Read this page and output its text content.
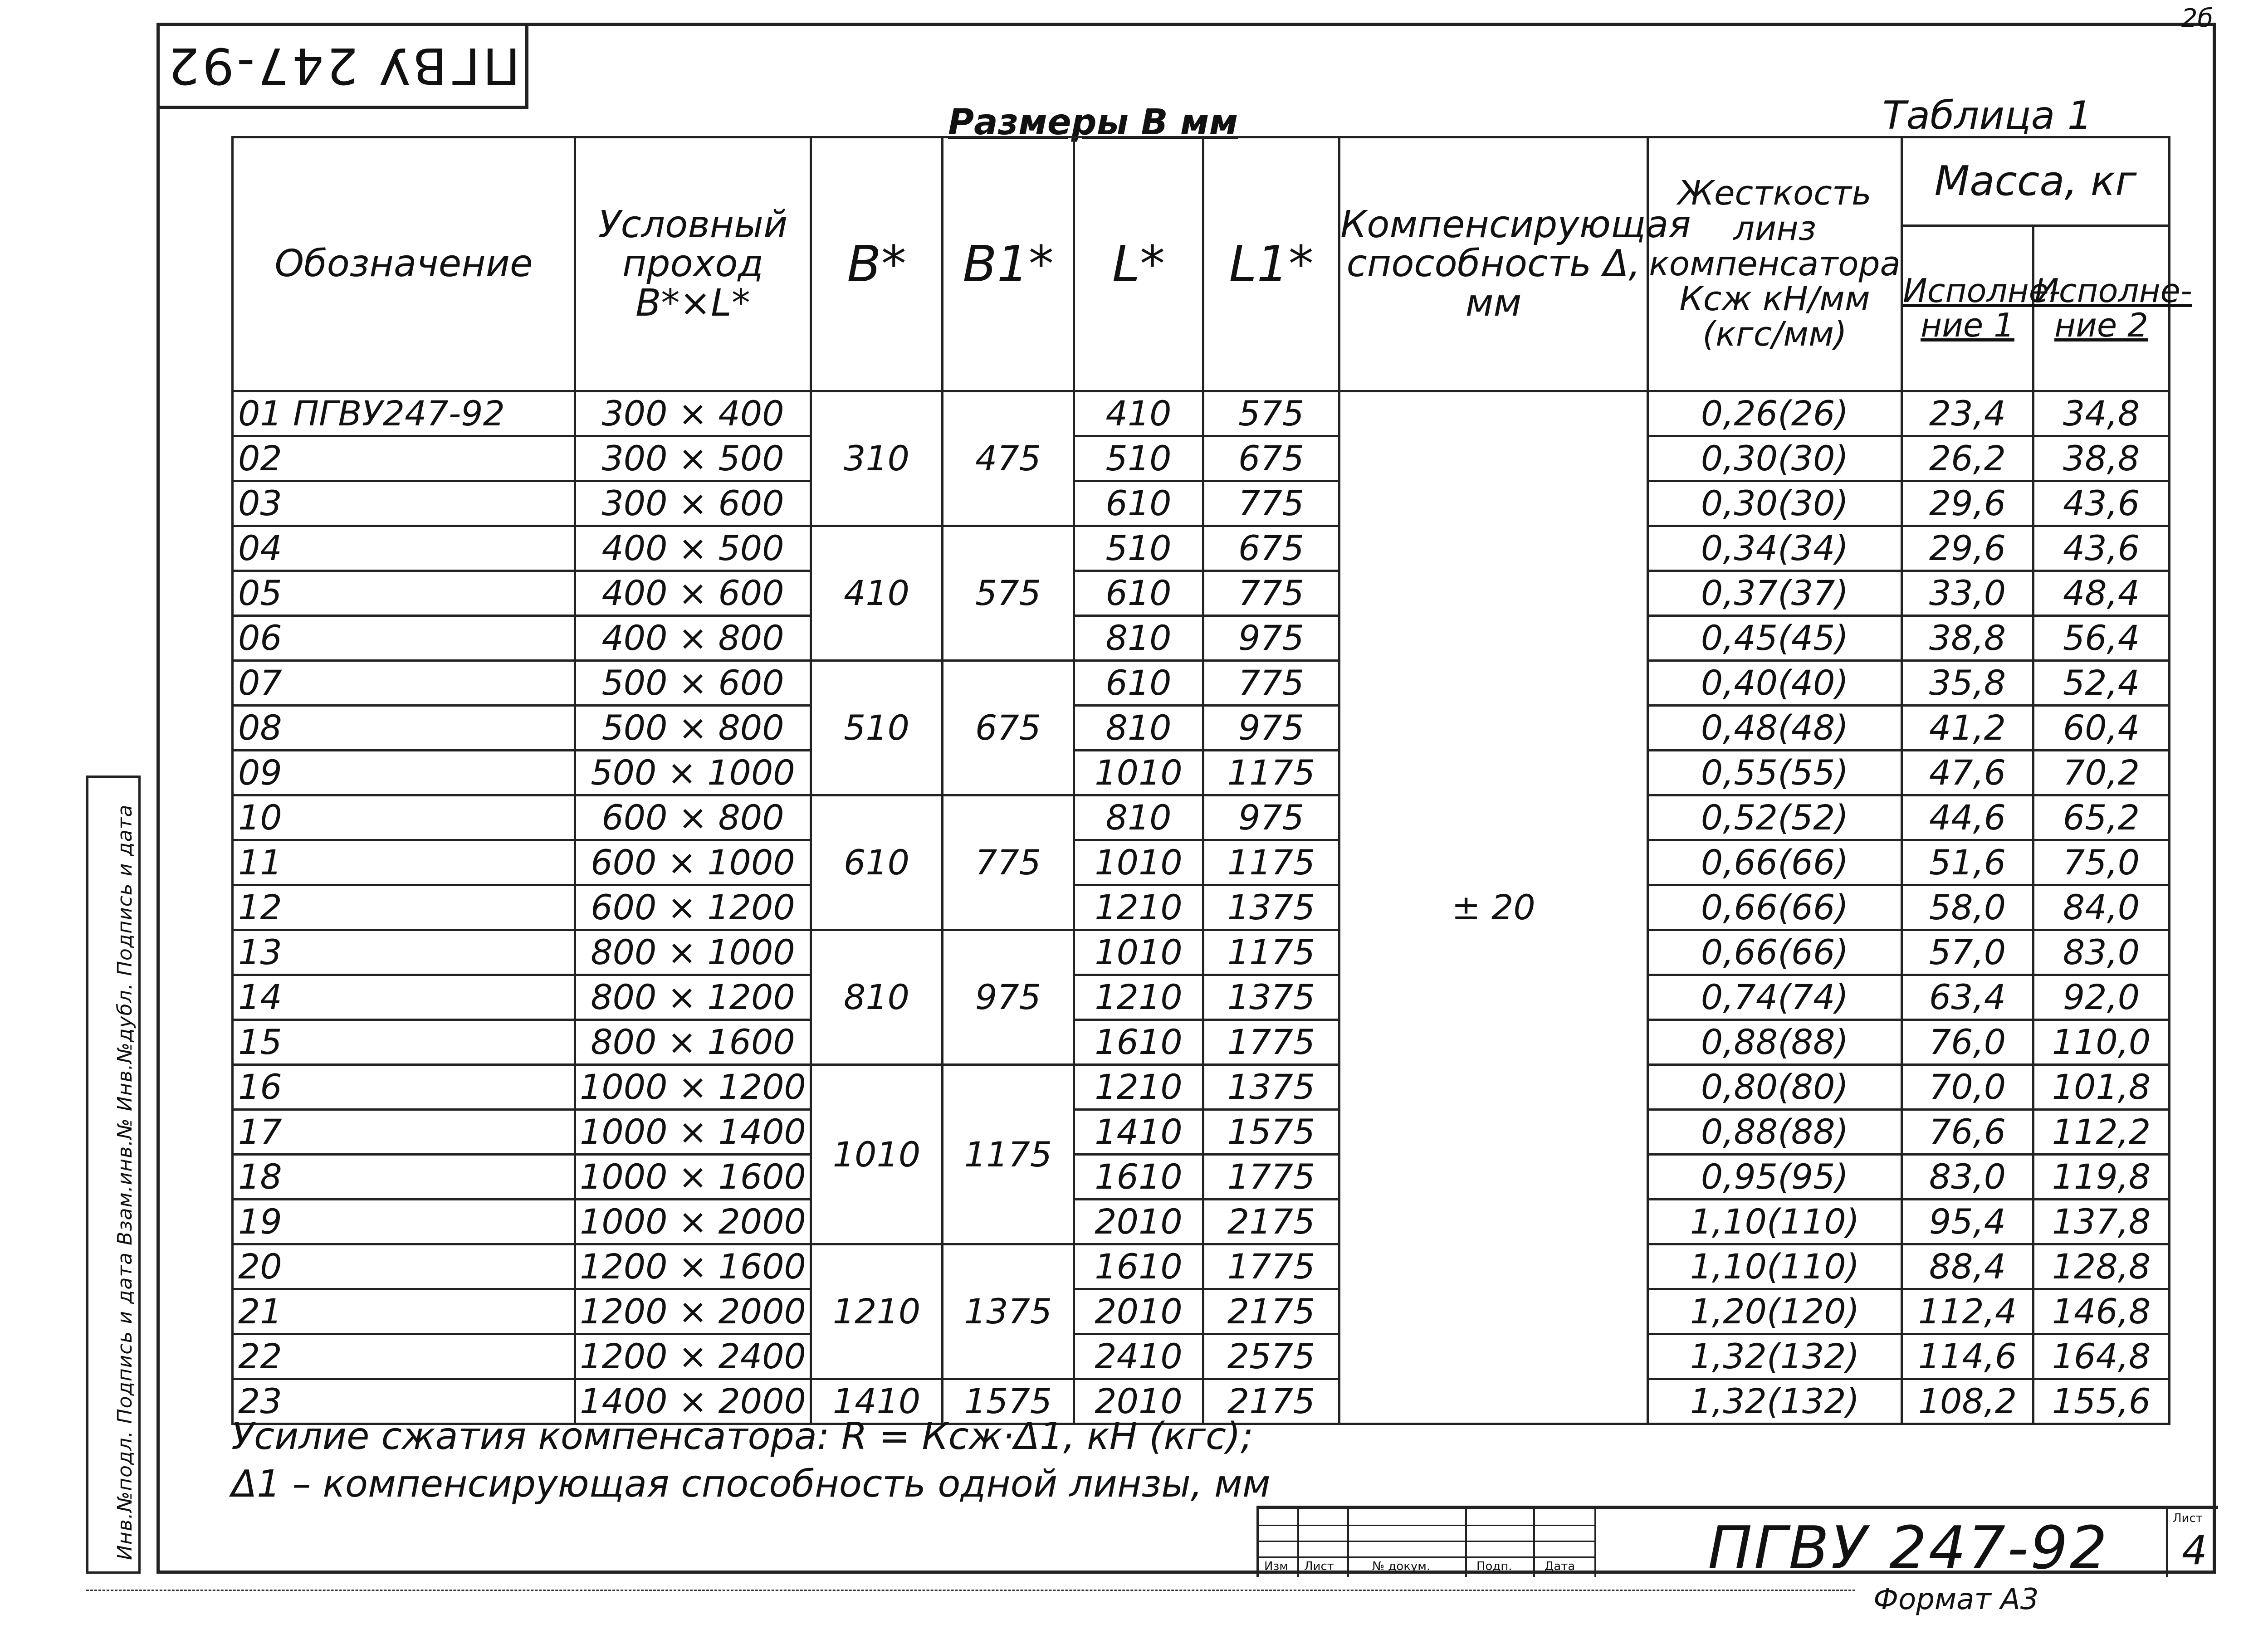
ПГВУ 247-92
2б
Инв.№подл. Подпись и дата Взам.инв.№ Инв.№дубл. Подпись и дата
Размеры В мм	Таблица 1
Обозначение	Условный проход B*×L*	B*	B1*	L*	L1*	Компенсирующая способность Δ, мм	Жесткость линз компенсатора Ксж кН/мм (кгс/мм)	Масса, кг	
								Исполне-ние 1	Исполне-ние 2
01 ПГВУ247-92	300 × 400	310	475	410	575	± 20	0,26(26)	23,4	34,8
02	300 × 500			510	675		0,30(30)	26,2	38,8
03	300 × 600			610	775		0,30(30)	29,6	43,6
04	400 × 500	410	575	510	675		0,34(34)	29,6	43,6
05	400 × 600			610	775		0,37(37)	33,0	48,4
06	400 × 800			810	975		0,45(45)	38,8	56,4
07	500 × 600	510	675	610	775		0,40(40)	35,8	52,4
08	500 × 800			810	975		0,48(48)	41,2	60,4
09	500 × 1000			1010	1175		0,55(55)	47,6	70,2
10	600 × 800	610	775	810	975		0,52(52)	44,6	65,2
11	600 × 1000			1010	1175		0,66(66)	51,6	75,0
12	600 × 1200			1210	1375		0,66(66)	58,0	84,0
13	800 × 1000	810	975	1010	1175		0,66(66)	57,0	83,0
14	800 × 1200			1210	1375		0,74(74)	63,4	92,0
15	800 × 1600			1610	1775		0,88(88)	76,0	110,0
16	1000 × 1200	1010	1175	1210	1375		0,80(80)	70,0	101,8
17	1000 × 1400			1410	1575		0,88(88)	76,6	112,2
18	1000 × 1600			1610	1775		0,95(95)	83,0	119,8
19	1000 × 2000			2010	2175		1,10(110)	95,4	137,8
20	1200 × 1600	1210	1375	1610	1775		1,10(110)	88,4	128,8
21	1200 × 2000			2010	2175		1,20(120)	112,4	146,8
22	1200 × 2400			2410	2575		1,32(132)	114,6	164,8
23	1400 × 2000	1410	1575	2010	2175		1,32(132)	108,2	155,6
Усилие сжатия компенсатора: R = Ксж·Δ1, кН (кгс);
Δ1 – компенсирующая способность одной линзы, мм
Изм Лист	№ докум.	Подп.	Дата ПГВУ 247-92	Лист
4
Формат А3
